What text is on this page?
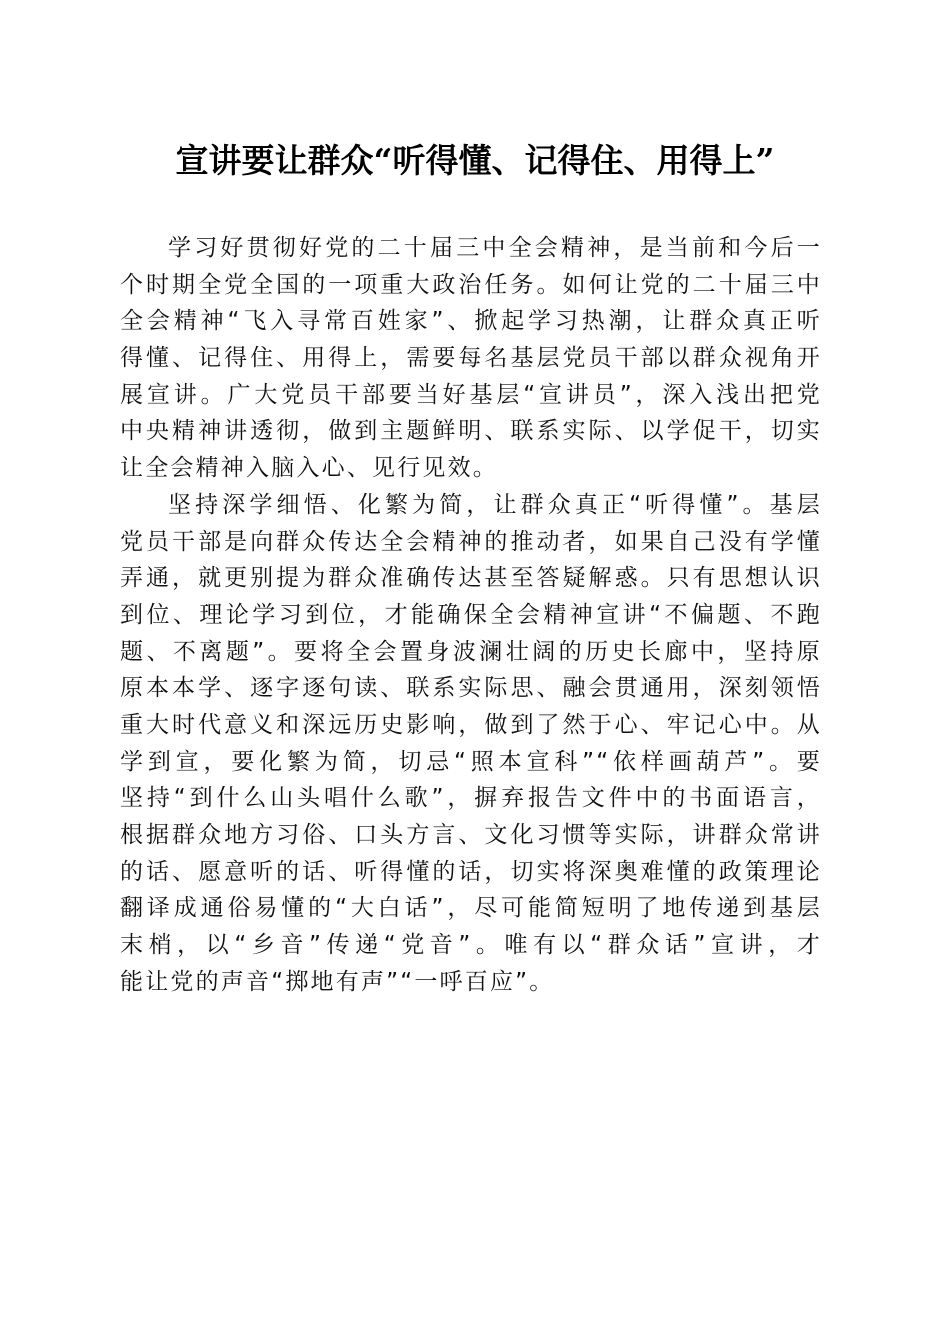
宣讲要让群众“听得懂、记得住、用得上”
学习好贯彻好党的二十届三中全会精神，是当前和今后一
个时期全党全国的一项重大政治任务。如何让党的二十届三中
全会精神“飞入寻常百姓家”、掀起学习热潮，让群众真正听
得懂、记得住、用得上，需要每名基层党员干部以群众视角开
展宣讲。广大党员干部要当好基层“宣讲员”，深入浅出把党
中央精神讲透彻，做到主题鲜明、联系实际、以学促干，切实
让全会精神入脑入心、见行见效。
坚持深学细悟、化繁为简，让群众真正“听得懂”。基层
党员干部是向群众传达全会精神的推动者，如果自己没有学懂
弄通，就更别提为群众准确传达甚至答疑解惑。只有思想认识
到位、理论学习到位，才能确保全会精神宣讲“不偏题、不跑
题、不离题”。要将全会置身波澜壮阔的历史长廊中，坚持原
原本本学、逐字逐句读、联系实际思、融会贯通用，深刻领悟
重大时代意义和深远历史影响，做到了然于心、牢记心中。从
学到宣，要化繁为简，切忌“照本宣科”“依样画葫芦”。要
坚持“到什么山头唱什么歌”，摒弃报告文件中的书面语言，
根据群众地方习俗、口头方言、文化习惯等实际，讲群众常讲
的话、愿意听的话、听得懂的话，切实将深奥难懂的政策理论
翻译成通俗易懂的“大白话”，尽可能简短明了地传递到基层
末梢，以“乡音”传递“党音”。唯有以“群众话”宣讲，才
能让党的声音“掷地有声”“一呼百应”。
